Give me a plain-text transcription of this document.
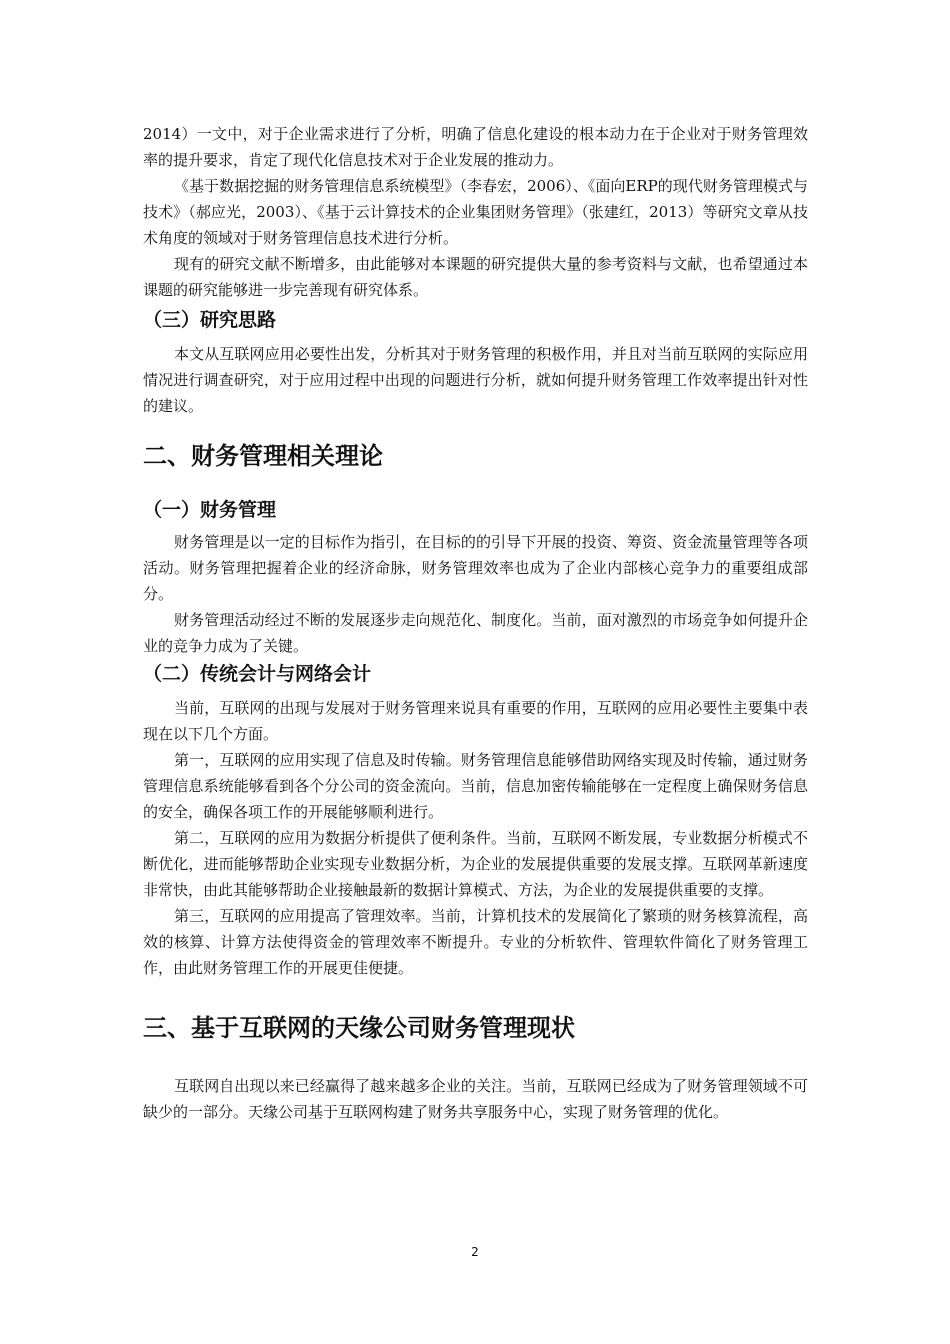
2014）一文中，对于企业需求进行了分析，明确了信息化建设的根本动力在于企业对于财务管理效率的提升要求，肯定了现代化信息技术对于企业发展的推动力。

《基于数据挖掘的财务管理信息系统模型》（李春宏，2006）、《面向ERP的现代财务管理模式与技术》（郝应光，2003）、《基于云计算技术的企业集团财务管理》（张建红，2013）等研究文章从技术角度的领域对于财务管理信息技术进行分析。

现有的研究文献不断增多，由此能够对本课题的研究提供大量的参考资料与文献，也希望通过本课题的研究能够进一步完善现有研究体系。

（三）研究思路

本文从互联网应用必要性出发，分析其对于财务管理的积极作用，并且对当前互联网的实际应用情况进行调查研究，对于应用过程中出现的问题进行分析，就如何提升财务管理工作效率提出针对性的建议。

二、财务管理相关理论
（一）财务管理

财务管理是以一定的目标作为指引，在目标的的引导下开展的投资、筹资、资金流量管理等各项活动。财务管理把握着企业的经济命脉，财务管理效率也成为了企业内部核心竞争力的重要组成部分。

财务管理活动经过不断的发展逐步走向规范化、制度化。当前，面对激烈的市场竞争如何提升企业的竞争力成为了关键。

（二）传统会计与网络会计

当前，互联网的出现与发展对于财务管理来说具有重要的作用，互联网的应用必要性主要集中表现在以下几个方面。

第一，互联网的应用实现了信息及时传输。财务管理信息能够借助网络实现及时传输，通过财务管理信息系统能够看到各个分公司的资金流向。当前，信息加密传输能够在一定程度上确保财务信息的安全，确保各项工作的开展能够顺利进行。

第二，互联网的应用为数据分析提供了便利条件。当前，互联网不断发展，专业数据分析模式不断优化，进而能够帮助企业实现专业数据分析，为企业的发展提供重要的发展支撑。互联网革新速度非常快，由此其能够帮助企业接触最新的数据计算模式、方法，为企业的发展提供重要的支撑。

第三，互联网的应用提高了管理效率。当前，计算机技术的发展简化了繁琐的财务核算流程，高效的核算、计算方法使得资金的管理效率不断提升。专业的分析软件、管理软件简化了财务管理工作，由此财务管理工作的开展更佳便捷。

三、基于互联网的天缘公司财务管理现状

互联网自出现以来已经赢得了越来越多企业的关注。当前，互联网已经成为了财务管理领域不可缺少的一部分。天缘公司基于互联网构建了财务共享服务中心，实现了财务管理的优化。

2
